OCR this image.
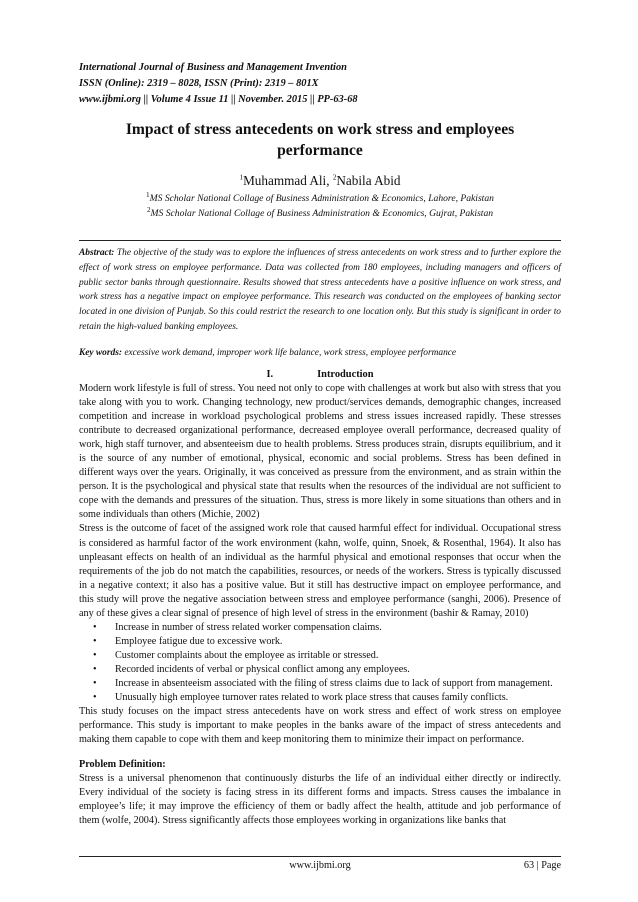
International Journal of Business and Management Invention
ISSN (Online): 2319 – 8028, ISSN (Print): 2319 – 801X
www.ijbmi.org || Volume 4 Issue 11 || November. 2015 || PP-63-68
Impact of stress antecedents on work stress and employees
performance
$^1$Muhammad Ali, $^2$Nabila Abid
$^1$MS Scholar National Collage of Business Administration & Economics, Lahore, Pakistan
$^2$MS Scholar National Collage of Business Administration & Economics, Gujrat, Pakistan
Abstract: The objective of the study was to explore the influences of stress antecedents on work stress and to further explore the effect of work stress on employee performance. Data was collected from 180 employees, including managers and officers of public sector banks through questionnaire. Results showed that stress antecedents have a positive influence on work stress, and work stress has a negative impact on employee performance. This research was conducted on the employees of banking sector located in one division of Punjab. So this could restrict the research to one location only. But this study is significant in order to retain the high-valued banking employees.
Key words: excessive work demand, improper work life balance, work stress, employee performance
I.	Introduction

Modern work lifestyle is full of stress. You need not only to cope with challenges at work but also with stress that you take along with you to work. Changing technology, new product/services demands, demographic changes, increased competition and increase in workload psychological problems and stress issues increased rapidly. These stresses contribute to decreased organizational performance, decreased employee overall performance, decreased quality of work, high staff turnover, and absenteeism due to health problems. Stress produces strain, disrupts equilibrium, and it is the source of any number of emotional, physical, economic and social problems. Stress has been defined in different ways over the years. Originally, it was conceived as pressure from the environment, and as strain within the person. It is the psychological and physical state that results when the resources of the individual are not sufficient to cope with the demands and pressures of the situation. Thus, stress is more likely in some situations than others and in some individuals than others (Michie, 2002)

Stress is the outcome of facet of the assigned work role that caused harmful effect for individual. Occupational stress is considered as harmful factor of the work environment (kahn, wolfe, quinn, Snoek, & Rosenthal, 1964). It also has unpleasant effects on health of an individual as the harmful physical and emotional responses that occur when the requirements of the job do not match the capabilities, resources, or needs of the workers. Stress is typically discussed in a negative context; it also has a positive value. But it still has destructive impact on employee performance, and this study will prove the negative association between stress and employee performance (sanghi, 2006). Presence of any of these gives a clear signal of presence of high level of stress in the environment (bashir & Ramay, 2010)

• Increase in number of stress related worker compensation claims.
• Employee fatigue due to excessive work.
• Customer complaints about the employee as irritable or stressed.
• Recorded incidents of verbal or physical conflict among any employees.
• Increase in absenteeism associated with the filing of stress claims due to lack of support from management.
• Unusually high employee turnover rates related to work place stress that causes family conflicts.

This study focuses on the impact stress antecedents have on work stress and effect of work stress on employee performance. This study is important to make peoples in the banks aware of the impact of stress antecedents and making them capable to cope with them and keep monitoring them to minimize their impact on performance.

Problem Definition:

Stress is a universal phenomenon that continuously disturbs the life of an individual either directly or indirectly. Every individual of the society is facing stress in its different forms and impacts. Stress causes the imbalance in employee’s life; it may improve the efficiency of them or badly affect the health, attitude and job performance of them (wolfe, 2004). Stress significantly affects those employees working in organizations like banks that

www.ijbmi.org	63 | Page
